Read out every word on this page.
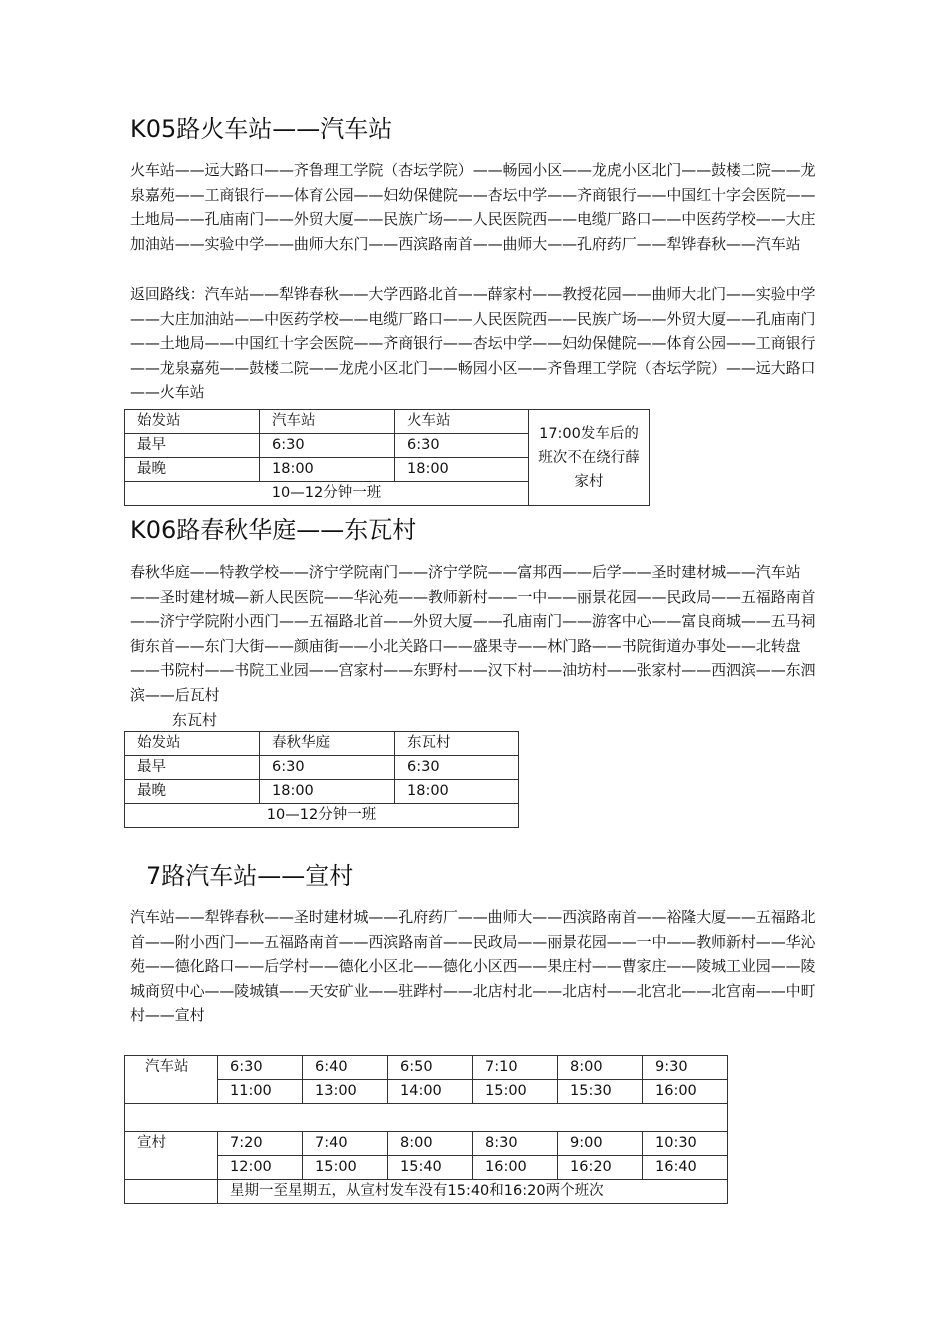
K05路火车站——汽车站

火车站——远大路口——齐鲁理工学院（杏坛学院）——畅园小区——龙虎小区北门——鼓楼二院——龙泉嘉苑——工商银行——体育公园——妇幼保健院——杏坛中学——齐商银行——中国红十字会医院——土地局——孔庙南门——外贸大厦——民族广场——人民医院西——电缆厂路口——中医药学校——大庄加油站——实验中学——曲师大东门——西滨路南首——曲师大——孔府药厂——犁铧春秋——汽车站

返回路线：汽车站——犁铧春秋——大学西路北首——薛家村——教授花园——曲师大北门——实验中学——大庄加油站——中医药学校——电缆厂路口——人民医院西——民族广场——外贸大厦——孔庙南门——土地局——中国红十字会医院——齐商银行——杏坛中学——妇幼保健院——体育公园——工商银行——龙泉嘉苑——鼓楼二院——龙虎小区北门——畅园小区——齐鲁理工学院（杏坛学院）——远大路口——火车站

始发站	汽车站	火车站	17:00发车后的班次不在绕行薛家村
最早	6:30	6:30	
最晚	18:00	18:00	
10—12分钟一班			
K06路春秋华庭——东瓦村

春秋华庭——特教学校——济宁学院南门——济宁学院——富邦西——后学——圣时建材城——汽车站——圣时建材城—新人民医院——华沁苑——教师新村——一中——丽景花园——民政局——五福路南首——济宁学院附小西门——五福路北首——外贸大厦——孔庙南门——游客中心——富良商城——五马祠街东首——东门大街——颜庙街——小北关路口——盛果寺——林门路——书院街道办事处——北转盘——书院村——书院工业园——宫家村——东野村——汉下村——油坊村——张家村——西泗滨——东泗滨——后瓦村

东瓦村
始发站	春秋华庭	东瓦村
最早	6:30	6:30
最晚	18:00	18:00
10—12分钟一班		
7路汽车站——宣村

汽车站——犁铧春秋——圣时建材城——孔府药厂——曲师大——西滨路南首——裕隆大厦——五福路北首——附小西门——五福路南首——西滨路南首——民政局——丽景花园——一中——教师新村——华沁苑——德化路口——后学村——德化小区北——德化小区西——果庄村——曹家庄——陵城工业园——陵城商贸中心——陵城镇——天安矿业——驻跸村——北店村北——北店村——北宫北——北宫南——中町村——宣村

汽车站	6:30	6:40	6:50	7:10	8:00	9:30
	11:00	13:00	14:00	15:00	15:30	16:00

宣村	7:20	7:40	8:00	8:30	9:00	10:30
	12:00	15:00	15:40	16:00	16:20	16:40
	星期一至星期五，从宣村发车没有15:40和16:20两个班次					
